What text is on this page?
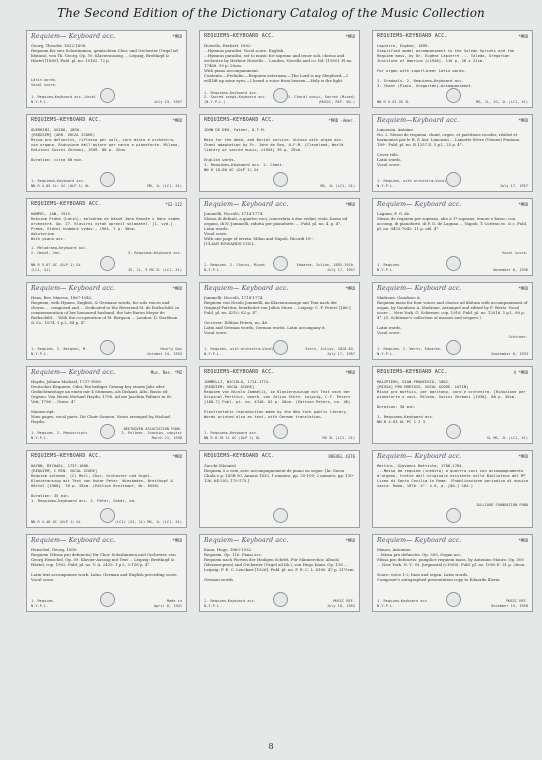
The Second Edition of the Dictionary Catalog of the Music Collection
Requiem— Keyboard acc.	*MRD
Georg, Theodor, 1822-1898.
Requiem für vier Solostimmen, gemischten Chor, und Orchester (Orgel ad libitum), von Th. Georg. Op. 50. Klavierauszug ... Leipzig, Breitkopf & Härtel [1880]. Publ. pl. no. 15162. 72 p.
Latin words.
Vocal score.
1. Requiem—Keyboard acc.—Vocal
N.Y.P.L.	July 23, 1957
REQUIEMS—KEYBOARD ACC.	*MRD
Howells, Herbert, 1892-
...Hymnus paradisi, Vocal score. English.
...Hymnus paradisi, set to music for soprano and tenor soli, chorus and orchestra by Herbert Howells ... London, Novello and co. ltd. [1950]. Pl.no. 17468. 90 p. 26cm.
With piano accompaniment.
Contents.—Preludio.—Requiem aeternam.—The Lord is my Shepherd.—I will lift up mine eyes.—I heard a voice from heaven.—Holy is the light.
1. Requiems—Keyboard acc.
2. Sacred songs—Keyboard acc.
(N.Y.P.L.)
3. Choral music, Sacred (Mixed)
(MUSIC, REF. ED.)
REQUIEMS—KEYBOARD ACC.	*MRD
Lapierre, Eugène, 1899-
Simplified modal accompaniment to the Solemn Sprinks and the Requiem mass, by Dr. Eugène Lapierre ... Toledo, Gregorian Institute of America [c1948]. 116 p. 28 x 21cm.

For organ with superlinear Latin words.

1. Graduals. 2. Requiems—Keyboard acc.
3. Chant (Plain, Gregorian)—Accompaniment.
NN R 5.53 OS 3L	MG, 1L, JG, 1L (LC1, X1)
REQUIEMS—KEYBOARD ACC.	*MRD
GUERRINI, GUIDO, 1890-
[REQUIEM] (ARR. VOCAL SCORE)
Missa pro defunctis, riflesso per soli, coro misto e orchestra, con organo. Riduzione dell'autore per canto e pianoforte. Milano, Edizioni Suvini Zerboni, 1949. 80 p. 32cm.

Duration: circa 60 min.
1. Requiems—Keyboard acc.
NN R 4.85 1L: OC (OLP 1) OL	MB, 1L (LC1, X1)
REQUIEMS—KEYBOARD ACC.	*MRD -Amer.
JOHN DE DEO, Father, O.F.M.

Mass for the dead, and Burial service. Unison with organ acc. Chant adaptation by Fr. John de Deo, O.F.M. [Cleveland, World library of sacred music, c1954] 39 p. 29cm.

English words.
1. Requiems—Keyboard acc. 2. Chant.
NN R 10.60 OC (OLP 1) OL
MG, 1L (LC1, X1)
Requiem—Keyboard acc.	*MRD
Limousin, Antoine.
No. 2. Messe de requiem, chant, orgue, et partitions vocales, réalisé et harmonisé par le R. P. Ant. Limousin ... Lamotte-Sévre (Vienne) Fontane, 189-. Publ. pl. no. R 1257 D. 3 p.l., 25 p. 4°.

Cover title.
Latin words.
Vocal score.
1. Requiem, with orchestra—Vocal
N.Y.P.L.	July 17, 1957
REQUIEMS—KEYBOARD ACC.	*S2-112
HAMPEL, JAN, 1915-
Rekviem Praha (Latin); melodram na básně Jana Hanuše s Hans vodem orchestra. Op. 27. Klavírní výtah upravil skladatel. [1. vyd.] Praha, Státní hudební vydav., 1964. 7 p. 30cm.
Adiutorium.
With piano acc.
1. Melodrama—Keyboard acc.
2. Hanuš, Jan.	3. Requiems—Keyboard acc.
NN R 5.67 OC (OLP 1) OL
(LC1, X1)	JG, 2L, 3 MG 2L (LC1, X1)
Requiem— Keyboard acc.	*MRD
Jommelli, Niccolò, 1714-1774.
Messa di defunti, a quattro voci, concertata a due violini, viola, basso ed organo, di N. Jommelli, ridotta per pianoforte. ... Publ. pl. no. 4. p. 4°.
Latin words.
Vocal score.
With one page of errata. Milan and Napoli, Ricordi 18--.
JULIAN EDWARDS COLL.
1. Requiem. 2. Chorus, Mixed.
N.Y.P.L.
Edwards, Julian, 1855-1910.
July 17, 1957
Requiem— Keyboard acc.	*MRD
Laguna, F. G. de.
Messe de requiem per soprano, alto à 1º soprano, tenore e basso, con accomp. di pianoforte, di F. G. de Laguna ... Napoli, T. Cottrau ec. & c. Publ. pl. no. 9453-7045. 11 p. obl. 4°.
Vocal score.
1. Requiem.
N.Y.P.L.	November 6, 1936
Requiem— Keyboard acc.	*MRD
Haas, Rev. Marcus, 1867-1942.
Requiem, with Hymns, English, & Germans words, for solo voices and chorus ... composed and ... Dedicated to the Reverend M. de Rothschild, in commemoration of her honoured husband, the late Baron Meyer de Rothschild ... With the co-operation of M. Bergson ... London: D. Davidson & Co., 1874. 1 p.l., 84 p. 4°.
1. Requiem. 2. Bergson, M.
N.Y.P.L.
Hourly Day
October 24, 1933
Requiem— Keyboard acc.	*MRD
Jommelli, Niccolò, 1714-1774.
Requiem von Nicolo Jommelli, im Klavierauszuge mit Text nach der Original-Partitur, bearbeitet von Julius Stern ... Leipzig: C. F. Peters [186-]. Publ. pl. no. 4310. 62 p. 4°.

On cover: Edition Peters, no. 46.
Latin and German words; German words. Latin accompany it.
Vocal score.
1. Requiem, with orchestra—Vocal
N.Y.P.L.
Stern, Julius, 1820-83.
July 17, 1957
Requiem— Keyboard acc.	*MRD
Madrone, Gaudioso A.
Requiem mass for four voices and chorus ad libitum with accompaniment of organ, by Gaudioso A. Madrone. Arranged and edited by F. Wertz. Vocal score ... New York, G. Schirmer, cop. 1916. Publ. pl. no. 12016. 1 p.l., 80 p. 4°. (G. Schirmer's collection of masses and vespers.)

Latin words.
Vocal score.
Schirmer.
1. Requiem. 2. Wertz, Eduardo.
N.Y.P.L.	September 6, 1933
Requiem— Keyboard acc.	Mus. Res. *MZ
Haydn, Johann Michael, 1737-1806.
Deutscher Requiem. Oder, Ein heiliger Gesang bey einem Jahr oder Gedächtnisstage an einen mir 4 Stimmen, als Diskant, Alto, Basso ed Organo. Von Herrn Michael Haydn, 1796. Ad me Joachim Pallmer in St. Veit, 1796 ... Grass. 4°.

Manuscript.
Nine pages, vocal parts. Dit Choir Sonnen. Notes arranged by Michael Haydn.
1. Requiem. 2. Manuscripts
N.Y.P.L.
BEETHOVEN ASSOCIATION FUND.
3. Pallmer, Joachim, copyist
March 21, 1938
REQUIEMS—KEYBOARD ACC.	*MRD
JOMMELLI, NICCOLÒ, 1714-1774.
[REQUIEM; VOCAL SCORE]
Requiem von Nicolo Jommelli, im Klavierauszuge mit Text nach der Original-Partitur, bearb. von Julius Stern. Leipzig, C.F. Peters [188-?] Publ. pl. no. 4310. 62 p. 28cm. (Edition Peters, no. 46)

Electrostatic reproduction made by the New York public library.
Words printed also as text, with German translation.
1. Requiems—Keyboard acc.
NN R 8.78 1L OC (OLP 1) OL	MG 3L (LC1, X1)
REQUIEMS—KEYBOARD ACC.	4 *MRD
MALIPIERO, GIAN FRANCESCO, 1882-
[MISSA] PRO MORTUIS. VOCAL SCORE. LATIN]
Missa pro mortuis, per baritono, coro e orchestra. [Riduzione per pianoforte e voci. Milano, Suvini Zerboni [1938]. 80 p. 30cm.

Duration: 30 min.

1. Requiems—Keyboard acc.
NN R 4.83 OL PC 1 2 3
SL MG, JL (LC1, X1)
REQUIEMS—KEYBOARD ACC.	*MRD
HAYDN, MICHAEL, 1737-1806.
[REQUIEM, C MIN. VOCAL SCORE]
Requiem solemne, (C) Moll, Chor, Orchester und Orgel. Klavierauszug mit Text von Oskar Peter. Wiesbaden, Breitkopf & Härtel [1968]. 70 p. 28cm. (Edition Breitkopf, Nr. 6558)

Duration: 35 min.
1. Requiems—Keyboard acc. 2. Peter, Oskar, ed.
NN R 5.46 OC (OLP 1) OL	(LC1) (X1, 1L) MG, 1L (LC1, X1)
REQUIEMS—KEYBOARD ACC.	DREXEL 4376
Zucchi (Mounis)
Requiem 5 a voix, avec accompagnement de piano ou orgue. [In: Sacra Chula e p. 185B 90. Annuis 1832, 1 numero, pp. 35-109; 2 numero, pp. 130-136, 64-205; 170-175.]
Requiem— Keyboard acc.	*MRD
Martini, Giovanni Battista, 1706-1784.
...Messa da requiem (inedita) a quattro voci con accompagnamento d'organo, tratta dall'originale esistente nella Biblioteca del Mº Liceo di Santo Cecilia in Roma. (Pubblicazione periodica di musica sacra. Roma, 1876. 4°. v.5, p. [80-] 164.)
JULLIARD FOUNDATION FUND
Requiem— Keyboard acc.	*MRD
Henschel, Georg, 1850-
Requiem (Missa pro defunctis) für Chor, Soloslimmen und Orchester, von Georg Henschel. Op. 59. Klavier-Auszug mit Text ... Leipzig: Breitkopf & Härtel, cop. 1902. Publ. pl. no. V. A. 2429. 1 p.l., 3-138 p. 4°.

Latin text accompanies work, Latin, German and English preceding score.
Vocal score.
1. Requiem.
N.Y.P.L.
Made in
April 6, 1941
Requiem— Keyboard acc.	*MRD
Kaun, Hugo, 1863-1932.
Requiem. Op. 116. Piano acc.
Requiem nach Worten der Heiligen Schrift. Für Männerchor, Altsolo (Mezzosopran) und Orchester (Orgel ad lib.), von Hugo Kaun. Op. 116 ... Leipzig: F. E. C. Leuckart [1926]. Publ. pl. no. F. E. C. L. 8180. 47 p. 31½cm.

German words.
1. Requiem—Keyboard acc.
N.Y.P.L.
MUSIC REF.
July 18, 1952
Requiem— Keyboard acc.	*MRD
Mauro, Antonino.
...Missa pro defunctis. Op. 500. Organ acc.
Missa pro defunctis: pumplice requiem mass, by Antonino Mauro. Op. 500 ... New York, N. Y.: St. Jurgenstal (c1958). Publ. pl. no. 1000 E. 31 p. 26cm.

Score: voice 1-2, bass and organ. Latin words.
Composer's autographed presentation copy to Eduardo Illeria.
1. Requiem—Keyboard acc.
N.Y.P.L.
MUSIC REF.
December 19, 1958
8
